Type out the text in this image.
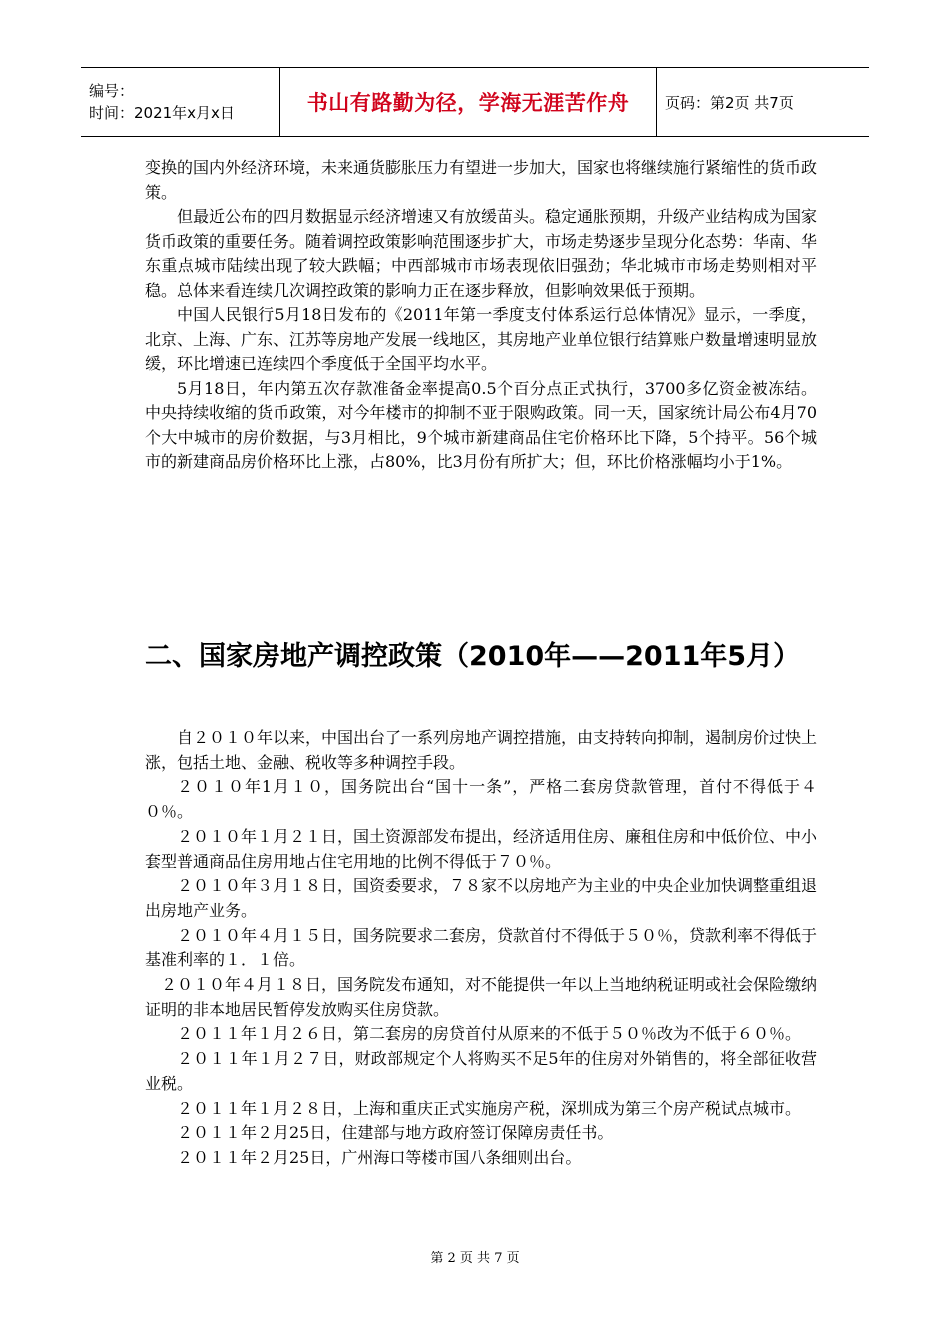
编号：
时间：2021年x月x日	书山有路勤为径，学海无涯苦作舟	页码：第2页 共7页

变换的国内外经济环境，未来通货膨胀压力有望进一步加大，国家也将继续施行紧缩性的货币政策。

但最近公布的四月数据显示经济增速又有放缓苗头。稳定通胀预期，升级产业结构成为国家货币政策的重要任务。随着调控政策影响范围逐步扩大，市场走势逐步呈现分化态势：华南、华东重点城市陆续出现了较大跌幅；中西部城市市场表现依旧强劲；华北城市市场走势则相对平稳。总体来看连续几次调控政策的影响力正在逐步释放，但影响效果低于预期。

中国人民银行5月18日发布的《2011年第一季度支付体系运行总体情况》显示，一季度，北京、上海、广东、江苏等房地产发展一线地区，其房地产业单位银行结算账户数量增速明显放缓，环比增速已连续四个季度低于全国平均水平。

5月18日，年内第五次存款准备金率提高0.5个百分点正式执行，3700多亿资金被冻结。中央持续收缩的货币政策，对今年楼市的抑制不亚于限购政策。同一天，国家统计局公布4月70个大中城市的房价数据，与3月相比，9个城市新建商品住宅价格环比下降，5个持平。56个城市的新建商品房价格环比上涨，占80%，比3月份有所扩大；但，环比价格涨幅均小于1%。

二、国家房地产调控政策（2010年——2011年5月）

自２０１０年以来，中国出台了一系列房地产调控措施，由支持转向抑制，遏制房价过快上涨，包括土地、金融、税收等多种调控手段。

２０１０年1月１０，国务院出台“国十一条”，严格二套房贷款管理，首付不得低于４０％。

２０１０年１月２１日，国土资源部发布提出，经济适用住房、廉租住房和中低价位、中小套型普通商品住房用地占住宅用地的比例不得低于７０％。

２０１０年３月１８日，国资委要求，７８家不以房地产为主业的中央企业加快调整重组退出房地产业务。

２０１０年４月１５日，国务院要求二套房，贷款首付不得低于５０％，贷款利率不得低于基准利率的１．１倍。

２０１０年４月１８日，国务院发布通知，对不能提供一年以上当地纳税证明或社会保险缴纳证明的非本地居民暂停发放购买住房贷款。

２０１１年１月２６日，第二套房的房贷首付从原来的不低于５０％改为不低于６０％。

２０１１年１月２７日，财政部规定个人将购买不足5年的住房对外销售的，将全部征收营业税。

２０１１年１月２８日，上海和重庆正式实施房产税，深圳成为第三个房产税试点城市。

２０１１年２月25日，住建部与地方政府签订保障房责任书。

２０１１年２月25日，广州海口等楼市国八条细则出台。

第 2 页 共 7 页
